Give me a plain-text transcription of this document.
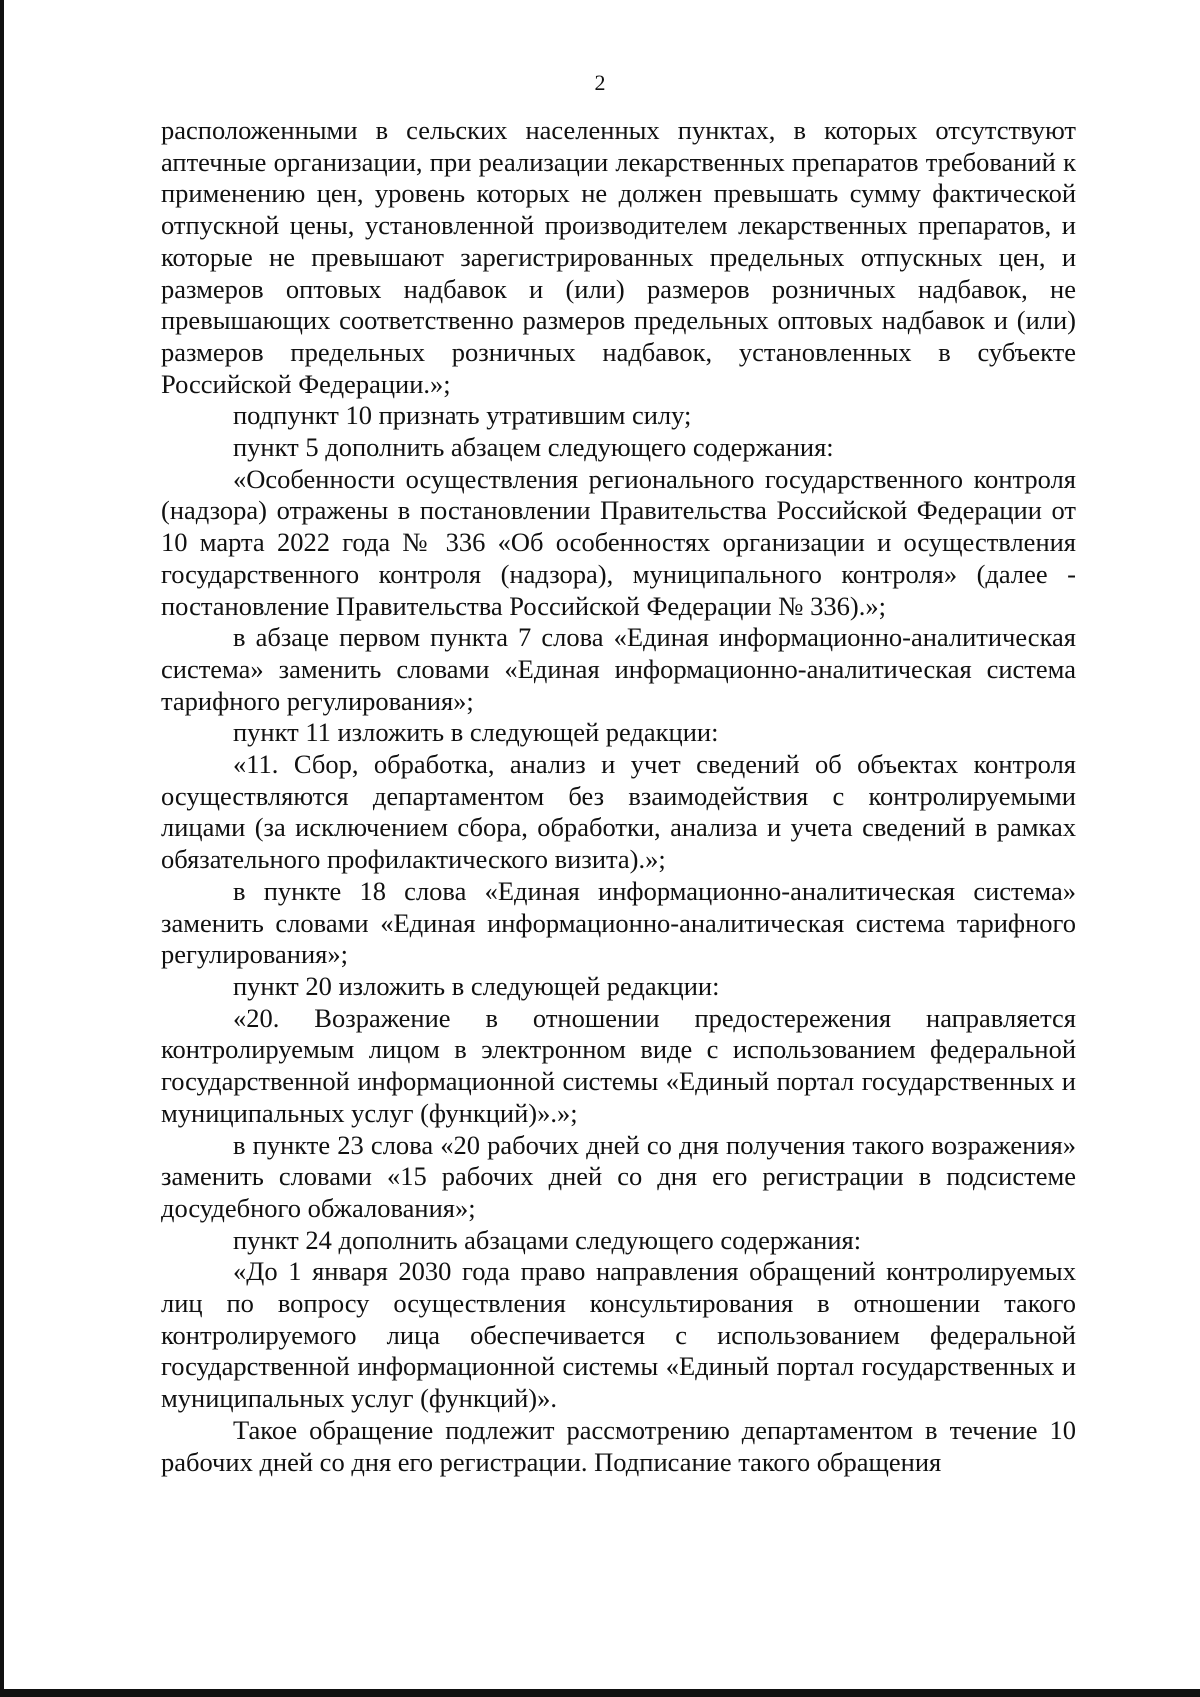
2

расположенными в сельских населенных пунктах, в которых отсутствуют аптечные организации, при реализации лекарственных препаратов требований к применению цен, уровень которых не должен превышать сумму фактической отпускной цены, установленной производителем лекарственных препаратов, и которые не превышают зарегистрированных предельных отпускных цен, и размеров оптовых надбавок и (или) размеров розничных надбавок, не превышающих соответственно размеров предельных оптовых надбавок и (или) размеров предельных розничных надбавок, установленных в субъекте Российской Федерации.»;

подпункт 10 признать утратившим силу;

пункт 5 дополнить абзацем следующего содержания:

«Особенности осуществления регионального государственного контроля (надзора) отражены в постановлении Правительства Российской Федерации от 10 марта 2022 года № 336 «Об особенностях организации и осуществления государственного контроля (надзора), муниципального контроля» (далее - постановление Правительства Российской Федерации № 336).»;

в абзаце первом пункта 7 слова «Единая информационно-аналитическая система» заменить словами «Единая информационно-аналитическая система тарифного регулирования»;

пункт 11 изложить в следующей редакции:

«11. Сбор, обработка, анализ и учет сведений об объектах контроля осуществляются департаментом без взаимодействия с контролируемыми лицами (за исключением сбора, обработки, анализа и учета сведений в рамках обязательного профилактического визита).»;

в пункте 18 слова «Единая информационно-аналитическая система» заменить словами «Единая информационно-аналитическая система тарифного регулирования»;

пункт 20 изложить в следующей редакции:

«20. Возражение в отношении предостережения направляется контролируемым лицом в электронном виде с использованием федеральной государственной информационной системы «Единый портал государственных и муниципальных услуг (функций)».»;

в пункте 23 слова «20 рабочих дней со дня получения такого возражения» заменить словами «15 рабочих дней со дня его регистрации в подсистеме досудебного обжалования»;

пункт 24 дополнить абзацами следующего содержания:

«До 1 января 2030 года право направления обращений контролируемых лиц по вопросу осуществления консультирования в отношении такого контролируемого лица обеспечивается с использованием федеральной государственной информационной системы «Единый портал государственных и муниципальных услуг (функций)».

Такое обращение подлежит рассмотрению департаментом в течение 10 рабочих дней со дня его регистрации. Подписание такого обращения
